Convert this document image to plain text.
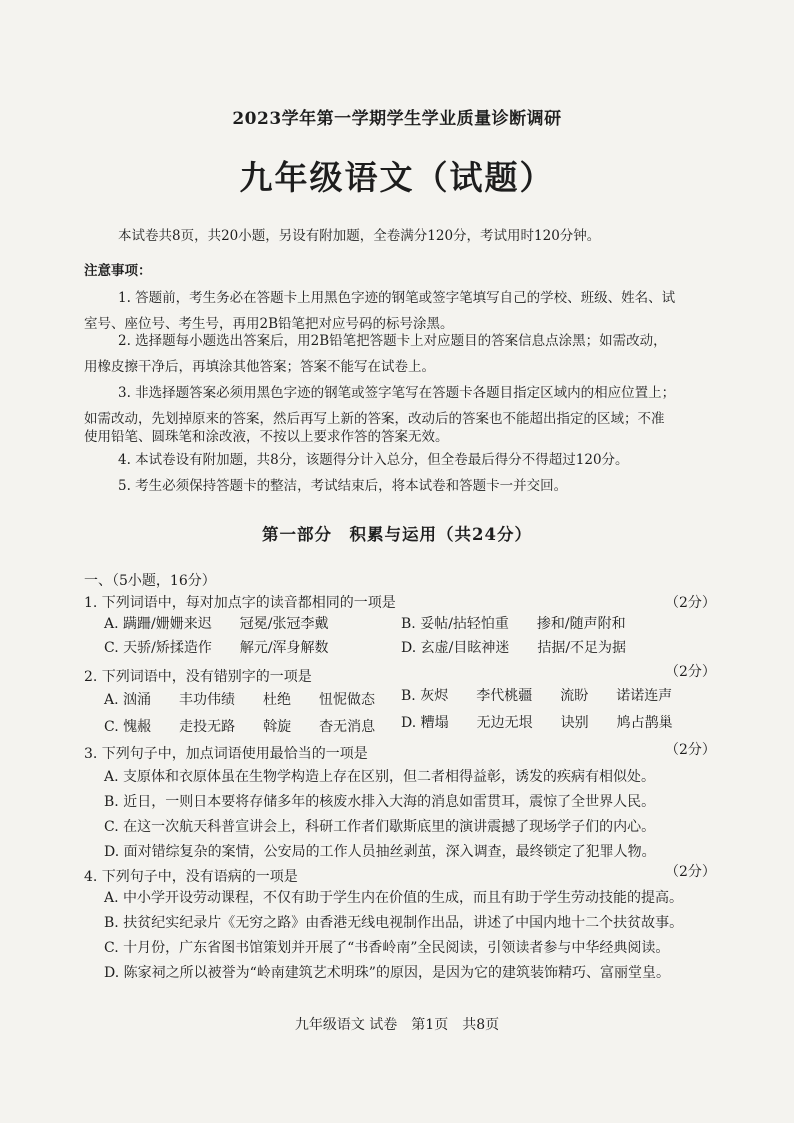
2023学年第一学期学生学业质量诊断调研
九年级语文（试题）
本试卷共8页，共20小题，另设有附加题，全卷满分120分，考试用时120分钟。
注意事项：
1. 答题前，考生务必在答题卡上用黑色字迹的钢笔或签字笔填写自己的学校、班级、姓名、试
室号、座位号、考生号，再用2B铅笔把对应号码的标号涂黑。
2. 选择题每小题选出答案后，用2B铅笔把答题卡上对应题目的答案信息点涂黑；如需改动，
用橡皮擦干净后，再填涂其他答案；答案不能写在试卷上。
3. 非选择题答案必须用黑色字迹的钢笔或签字笔写在答题卡各题目指定区域内的相应位置上；
如需改动，先划掉原来的答案，然后再写上新的答案，改动后的答案也不能超出指定的区域；不准
使用铅笔、圆珠笔和涂改液，不按以上要求作答的答案无效。
4. 本试卷设有附加题，共8分，该题得分计入总分，但全卷最后得分不得超过120分。
5. 考生必须保持答题卡的整洁，考试结束后，将本试卷和答题卡一并交回。
第一部分　积累与运用（共24分）
一、（5小题，16分）
1. 下列词语中，每对加点字的读音都相同的一项是	（2分）
A. 蹒跚/姗姗来迟　　冠冕/张冠李戴	B. 妥帖/拈轻怕重　　掺和/随声附和
C. 天骄/矫揉造作　　解元/浑身解数	D. 玄虚/目眩神迷　　拮据/不足为据
2. 下列词语中，没有错别字的一项是	（2分）
A. 汹涌　　丰功伟绩　　杜绝　　忸怩做态 B. 灰烬　　李代桃疆　　流盼　　诺诺连声
C. 愧赧　　走投无路　　斡旋　　杳无消息 D. 糟塌　　无边无垠　　诀别　　鸠占鹊巢
3. 下列句子中，加点词语使用最恰当的一项是	（2分）
A. 支原体和衣原体虽在生物学构造上存在区别，但二者相得益彰，诱发的疾病有相似处。
B. 近日，一则日本要将存储多年的核废水排入大海的消息如雷贯耳，震惊了全世界人民。
C. 在这一次航天科普宣讲会上，科研工作者们歇斯底里的演讲震撼了现场学子们的内心。
D. 面对错综复杂的案情，公安局的工作人员抽丝剥茧，深入调查，最终锁定了犯罪人物。
4. 下列句子中，没有语病的一项是	（2分）
A. 中小学开设劳动课程，不仅有助于学生内在价值的生成，而且有助于学生劳动技能的提高。
B. 扶贫纪实纪录片《无穷之路》由香港无线电视制作出品，讲述了中国内地十二个扶贫故事。
C. 十月份，广东省图书馆策划并开展了“书香岭南”全民阅读，引领读者参与中华经典阅读。
D. 陈家祠之所以被誉为“岭南建筑艺术明珠”的原因，是因为它的建筑装饰精巧、富丽堂皇。
九年级语文 试卷　第1页　共8页
